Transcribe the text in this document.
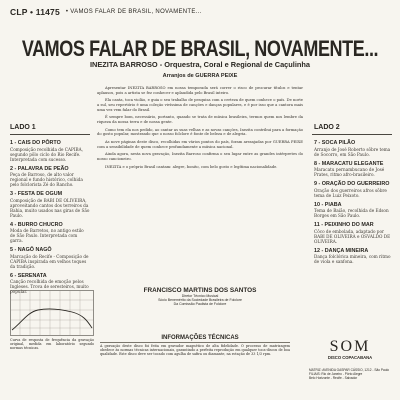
CLP • 11475 • VAMOS FALAR DE BRASIL, NOVAMENTE...
VAMOS FALAR DE BRASIL, NOVAMENTE...
INEZITA BARROSO - Orquestra, Coral e Regional de Caçulinha
Arranjos de GUERRA PEIXE
LADO 1
1 - CAIS DO PÔRTO
Composição recolhida de CAPIBA, segundo pôlo ciclo do Rio Recife. Interpretada com sucesso.
2 - PALAVRA DE PEÃO
Peça de Barroso, de alto valor regional e fundo histórico, colhida pelo folclorista Zé do Rancho.
3 - FESTA DE OGUM
Composição de BABI DE OLIVEIRA, aproveitando cantos dos terreiros da Bahia, muito usados nas giras de São Paulo.
4 - BURRO CHUCRO
Moda de Barretos, no antigo estilo de São Paulo. Interpretada com garra.
5 - NAGÔ NAGÔ
Marcação do Recife - Composição de CAPIBA inspirada em velhos toques da tradição.
6 - SERENATA
Canção recolhida de emoção pelos Ingleses. Trova de seresteiros, muito popular.
LADO 2
7 - SOCA PILÃO
Arranjo de José Roberto sôbre tema de Socorro, em São Paulo.
8 - MARACATU ELEGANTE
Maracatu pernambucano de José Prates, ritmo afro-brasileiro.
9 - ORAÇÃO DO GUERREIRO
Oração dos guerreiros afros sôbre tema de Luiz Peixoto.
10 - PIABA
Tema de Baião, recolhida de Edson Borges em São Paulo.
11 - PEIXINHO DO MAR
Côco de embolada, adaptado por BABI DE OLIVEIRA e OSVALDO DE OLIVEIRA.
12 - DANÇA MINEIRA
Dança folclórica mineira, com ritmo de viola e sanfona.

Apresentar INEZITA BARROSO em nossa temporada será correr o risco de procurar títulos e tentar aplausos, pois a artista se fez conhecer e aplaudida pelo Brasil inteiro.

Ela canta, toca violão, e guia o seu trabalho de pesquisa com a certeza de quem conhece o país. De norte a sul, seu repertório é uma coleção vivíssima de canções e danças populares, e é por isso que a cantora mais uma vez vem falar do Brasil.

É sempre bom, necessário, portanto, quando se trata de música brasileira, termos quem nos lembre da riqueza da nossa terra e de nossa gente.

Como tem ela nos pedido, ao cantar as suas velhas e as novas canções, Inezita contribui para a formação do gosto popular, mostrando que o nosso folclore é fonte de beleza e de alegria.

As nove páginas deste disco, recolhidas em vários pontos do país, foram arranjadas por GUERRA PEIXE com a sensibilidade de quem conhece profundamente a música nacional.

Ainda agora, nesta nova gravação, Inezita Barroso confirma o seu lugar entre as grandes intérpretes do nosso cancioneiro.

INEZITA e o próprio Brasil cantam: alegre, bonito, com belo gosto e legítima nacionalidade.

FRANCISCO MARTINS DOS SANTOS
Diretor Técnico Musical
Sócio Benemérito da Sociedade Brasileira de Folclore
Da Comissão Paulista de Folclore
Curva de resposta de frequência da gravação original, medida em laboratório segundo normas técnicas.
INFORMAÇÕES TÉCNICAS
A gravação deste disco foi feita em gravador magnético de alta fidelidade. O processo de matrizagem obedece às normas técnicas internacionais, garantindo a perfeita reprodução em qualquer toca-discos de boa qualidade. Este disco deve ser tocado com agulha de safira ou diamante, na rotação de 33 1/3 rpm.	SOM
DISCO COPACABANA
MATRIZ: AVENIDA GASPAR CÁSSIO, 1212 - São Paulo
FILIAIS: Rio de Janeiro - Pôrto Alegre
Belo Horizonte - Recife - Salvador
